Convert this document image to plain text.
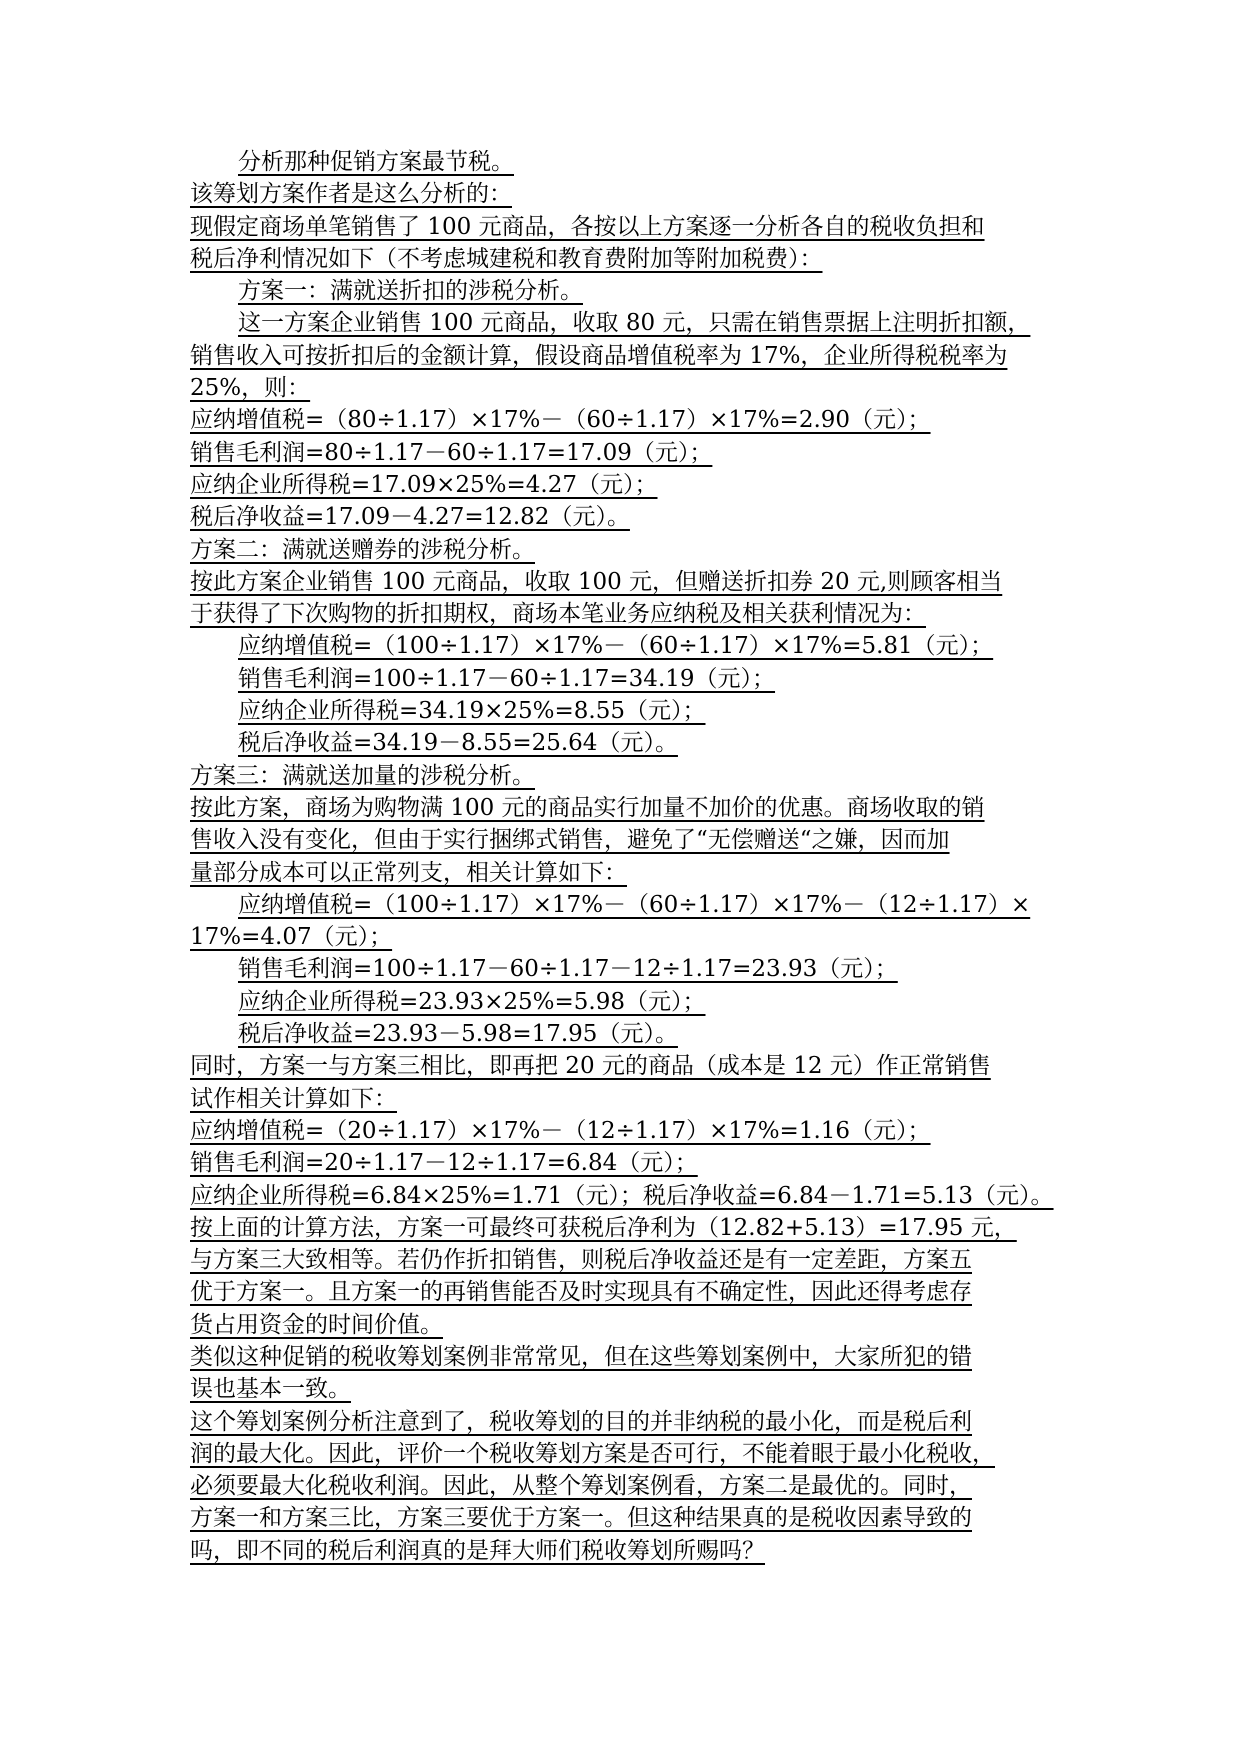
分析那种促销方案最节税。
该筹划方案作者是这么分析的：
现假定商场单笔销售了 100 元商品，各按以上方案逐一分析各自的税收负担和
税后净利情况如下（不考虑城建税和教育费附加等附加税费）：
方案一：满就送折扣的涉税分析。
这一方案企业销售 100 元商品，收取 80 元，只需在销售票据上注明折扣额，
销售收入可按折扣后的金额计算，假设商品增值税率为 17%，企业所得税税率为
25%，则：
应纳增值税=（80÷1.17）×17%－（60÷1.17）×17%=2.90（元）；
销售毛利润=80÷1.17－60÷1.17=17.09（元）；
应纳企业所得税=17.09×25%=4.27（元）；
税后净收益=17.09－4.27=12.82（元）。
方案二：满就送赠券的涉税分析。
按此方案企业销售 100 元商品，收取 100 元，但赠送折扣券 20 元,则顾客相当
于获得了下次购物的折扣期权，商场本笔业务应纳税及相关获利情况为：
应纳增值税=（100÷1.17）×17%－（60÷1.17）×17%=5.81（元）；
销售毛利润=100÷1.17－60÷1.17=34.19（元）；
应纳企业所得税=34.19×25%=8.55（元）；
税后净收益=34.19－8.55=25.64（元）。
方案三：满就送加量的涉税分析。
按此方案，商场为购物满 100 元的商品实行加量不加价的优惠。商场收取的销
售收入没有变化，但由于实行捆绑式销售，避免了“无偿赠送“之嫌，因而加
量部分成本可以正常列支，相关计算如下：
应纳增值税=（100÷1.17）×17%－（60÷1.17）×17%－（12÷1.17）×
17%=4.07（元）；
销售毛利润=100÷1.17－60÷1.17－12÷1.17=23.93（元）；
应纳企业所得税=23.93×25%=5.98（元）；
税后净收益=23.93－5.98=17.95（元）。
同时，方案一与方案三相比，即再把 20 元的商品（成本是 12 元）作正常销售
试作相关计算如下：
应纳增值税=（20÷1.17）×17%－（12÷1.17）×17%=1.16（元）；
销售毛利润=20÷1.17－12÷1.17=6.84（元）；
应纳企业所得税=6.84×25%=1.71（元）；税后净收益=6.84－1.71=5.13（元）。
按上面的计算方法，方案一可最终可获税后净利为（12.82+5.13）=17.95 元，
与方案三大致相等。若仍作折扣销售，则税后净收益还是有一定差距，方案五
优于方案一。且方案一的再销售能否及时实现具有不确定性，因此还得考虑存
货占用资金的时间价值。
类似这种促销的税收筹划案例非常常见，但在这些筹划案例中，大家所犯的错
误也基本一致。
这个筹划案例分析注意到了，税收筹划的目的并非纳税的最小化，而是税后利
润的最大化。因此，评价一个税收筹划方案是否可行，不能着眼于最小化税收，
必须要最大化税收利润。因此，从整个筹划案例看，方案二是最优的。同时，
方案一和方案三比，方案三要优于方案一。但这种结果真的是税收因素导致的
吗，即不同的税后利润真的是拜大师们税收筹划所赐吗？
